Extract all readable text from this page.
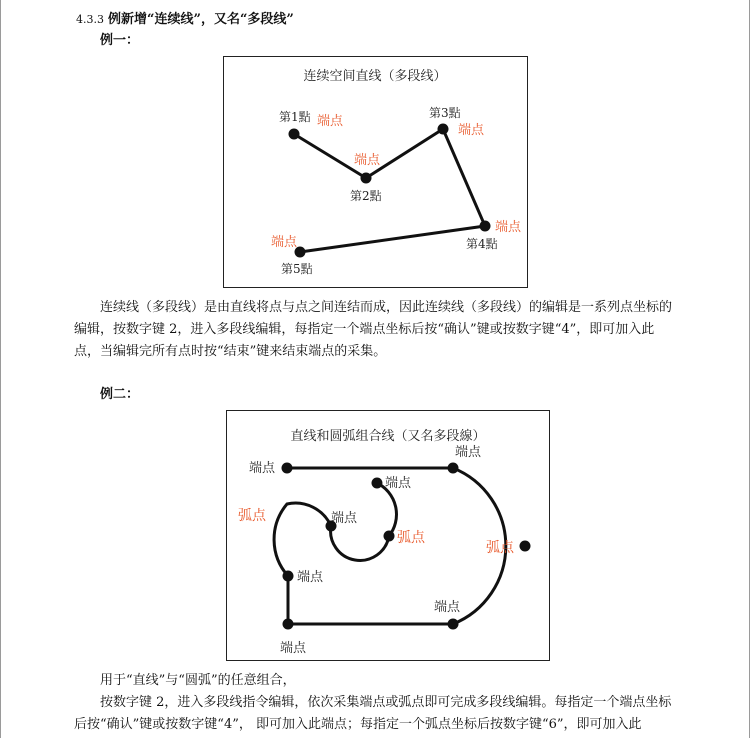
4.3.3 例新增“连续线”，又名“多段线”
例一：
连续空间直线（多段线）
第1點 端点
端点
第2點
第3點
端点
端点
第4點
端点
第5點
连续线（多段线）是由直线将点与点之间连结而成，因此连续线（多段线）的编辑是一系列点坐标的
编辑，按数字键 2，进入多段线编辑，每指定一个端点坐标后按“确认”键或按数字键“4”，即可加入此
点，当编辑完所有点时按“结束”键来结束端点的采集。
例二：
直线和圆弧组合线（又名多段線）
端点
端点
端点
端点
端点
端点
端点
弧点
弧点
弧点
用于“直线”与“圆弧”的任意组合，
按数字键 2，进入多段线指令编辑，依次采集端点或弧点即可完成多段线编辑。每指定一个端点坐标
后按“确认”键或按数字键“4”， 即可加入此端点；每指定一个弧点坐标后按数字键“6”，即可加入此
